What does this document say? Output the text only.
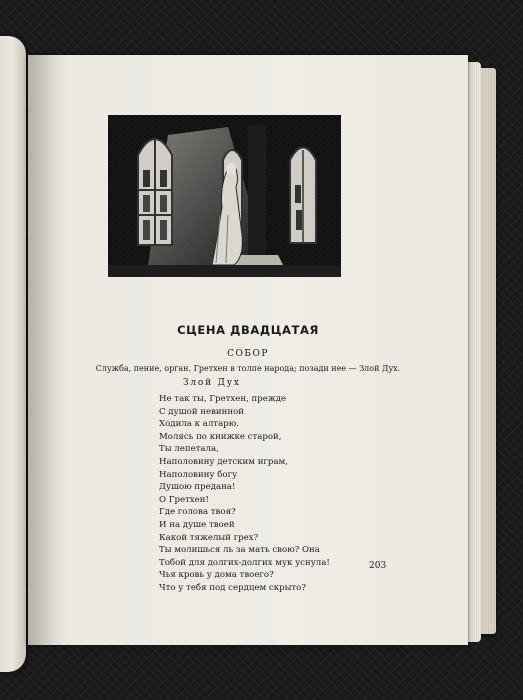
СЦЕНА ДВАДЦАТАЯ
СОБОР
Служба, пение, орган. Гретхен в толпе народа; позади нее — Злой Дух.
Злой Дух
Не так ты, Гретхен, прежде
С душой невинной
Ходила к алтарю.
Молясь по книжке старой,
Ты лепетала,
Наполовину детским играм,
Наполовину богу
Душою предана!
О Гретхен!
Где голова твоя?
И на душе твоей
Какой тяжелый грех?
Ты молишься ль за мать свою? Она
Тобой для долгих-долгих мук уснула!
Чья кровь у дома твоего?
Что у тебя под сердцем скрыто?
203
